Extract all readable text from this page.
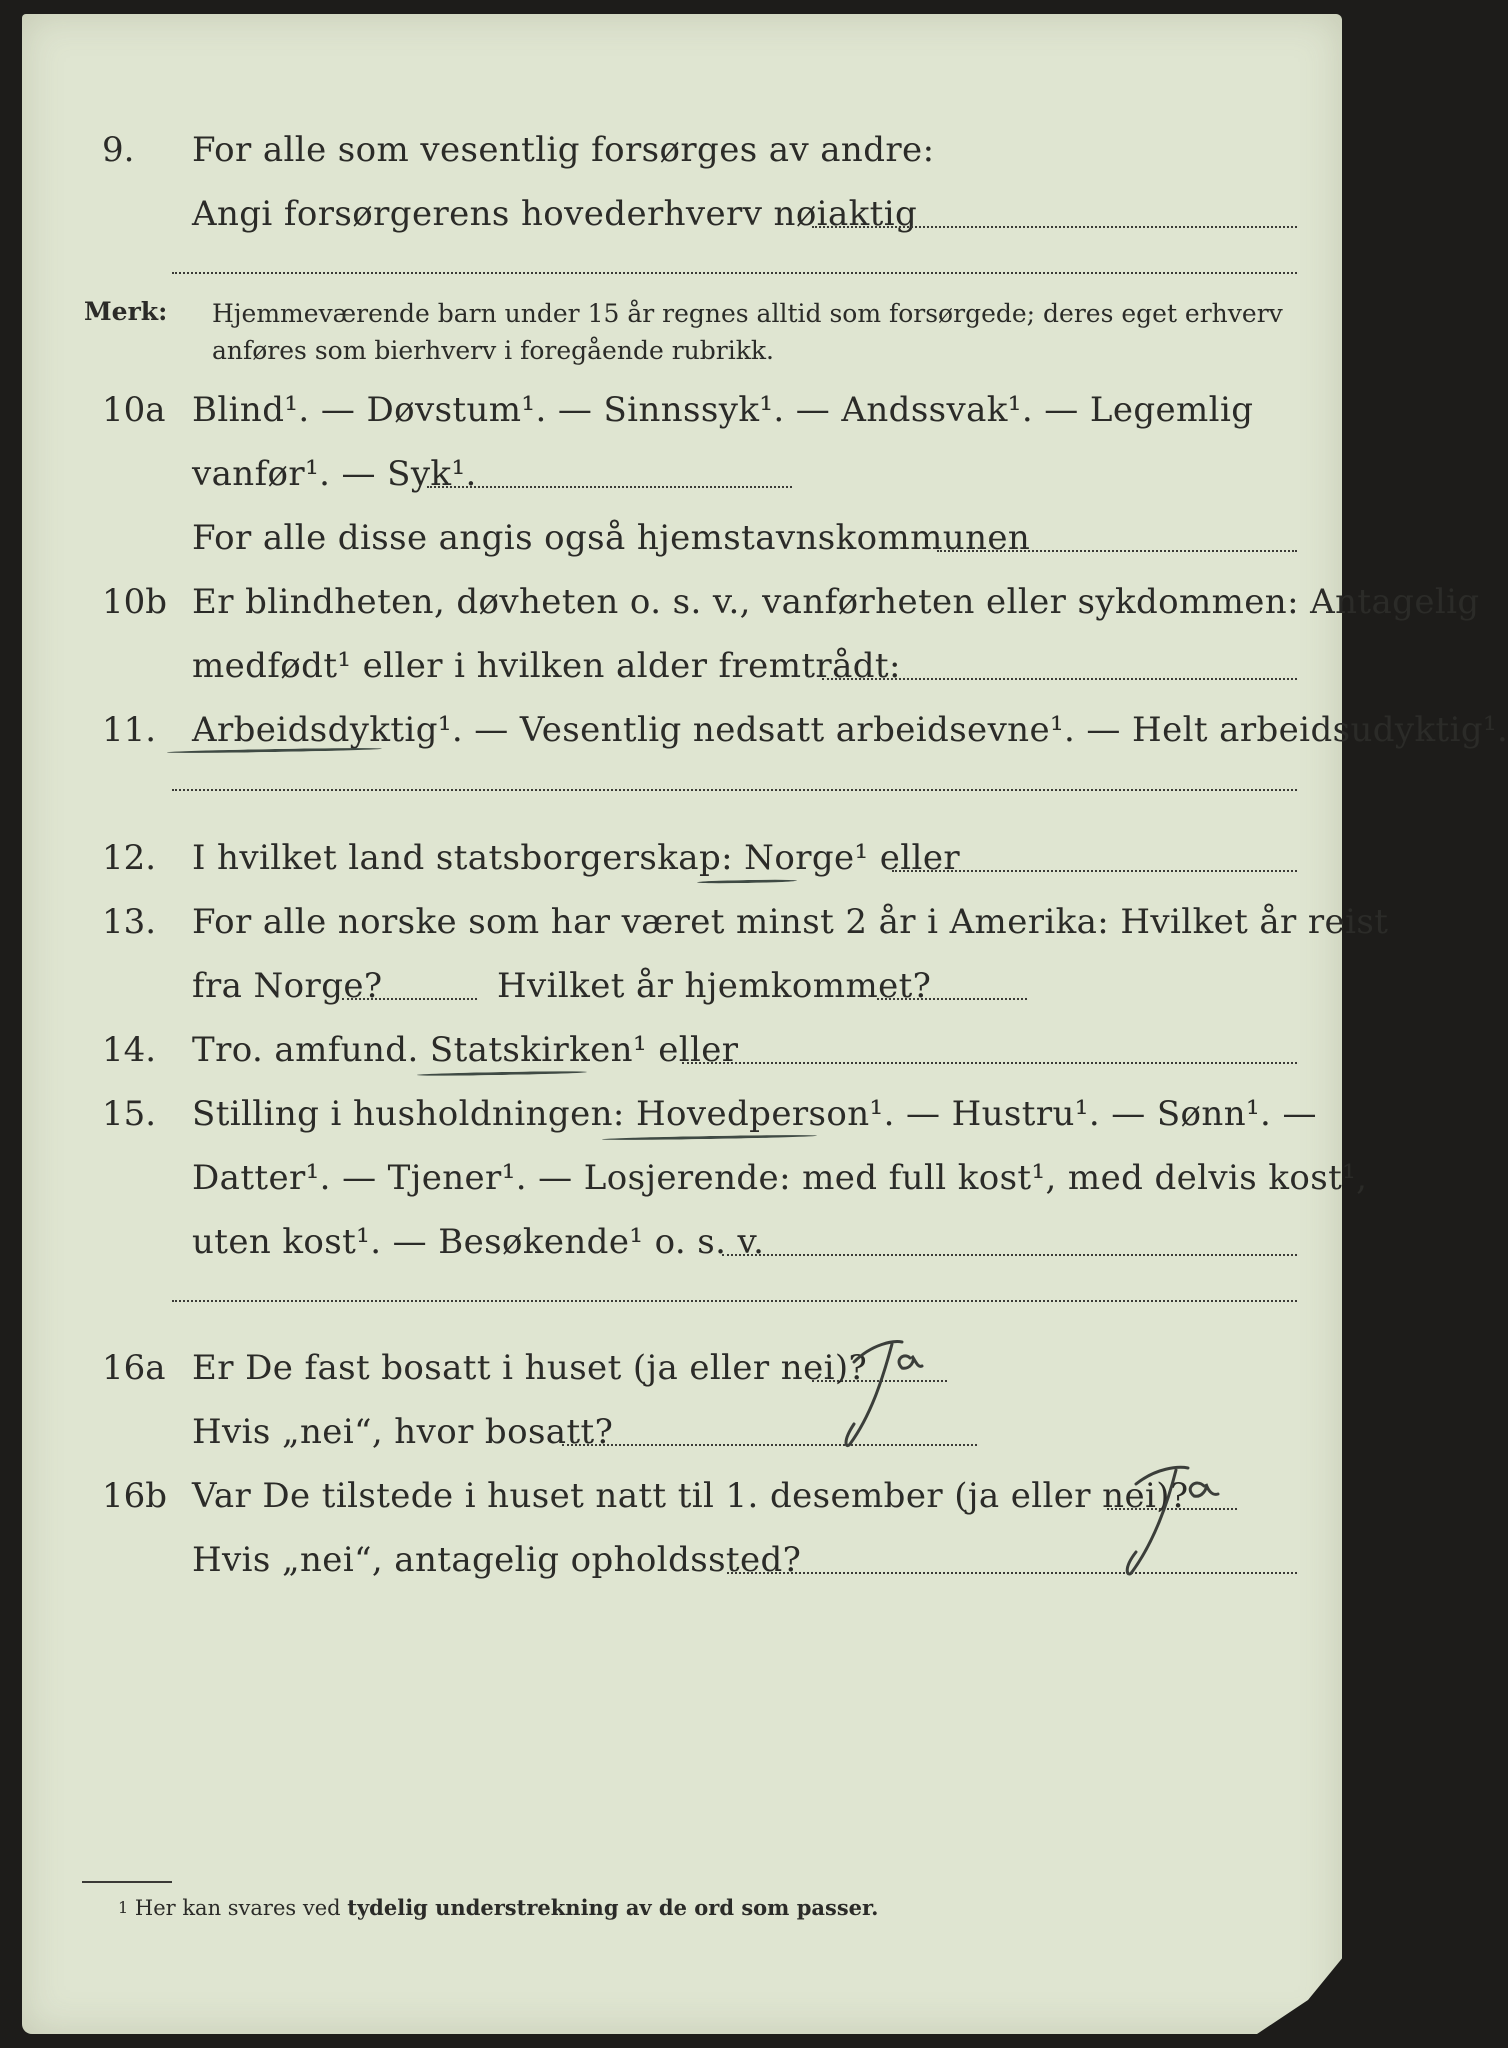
9.	For alle som vesentlig forsørges av andre:
Angi forsørgerens hovederhverv nøiaktig
Merk: Hjemmeværende barn under 15 år regnes alltid som forsørgede; deres eget erhverv
anføres som bierhverv i foregående rubrikk.
10a Blind¹. — Døvstum¹. — Sinnssyk¹. — Andssvak¹. — Legemlig
vanfør¹. — Syk¹.
For alle disse angis også hjemstavnskommunen
10b Er blindheten, døvheten o. s. v., vanførheten eller sykdommen: Antagelig
medfødt¹ eller i hvilken alder fremtrådt:
11.	Arbeidsdyktig¹. — Vesentlig nedsatt arbeidsevne¹. — Helt arbeidsudyktig¹.
12.	I hvilket land statsborgerskap: Norge¹ eller
13.	For alle norske som har været minst 2 år i Amerika: Hvilket år reist
fra Norge?	Hvilket år hjemkommet?
14.	Tro. amfund. Statskirken¹ eller
15.	Stilling i husholdningen: Hovedperson¹. — Hustru¹. — Sønn¹. —
Datter¹. — Tjener¹. — Losjerende: med full kost¹, med delvis kost¹,
uten kost¹. — Besøkende¹ o. s. v.
16a Er De fast bosatt i huset (ja eller nei)?
Hvis „nei“, hvor bosatt?
16b Var De tilstede i huset natt til 1. desember (ja eller nei)?
Hvis „nei“, antagelig opholdssted?
1 Her kan svares ved tydelig understrekning av de ord som passer.
